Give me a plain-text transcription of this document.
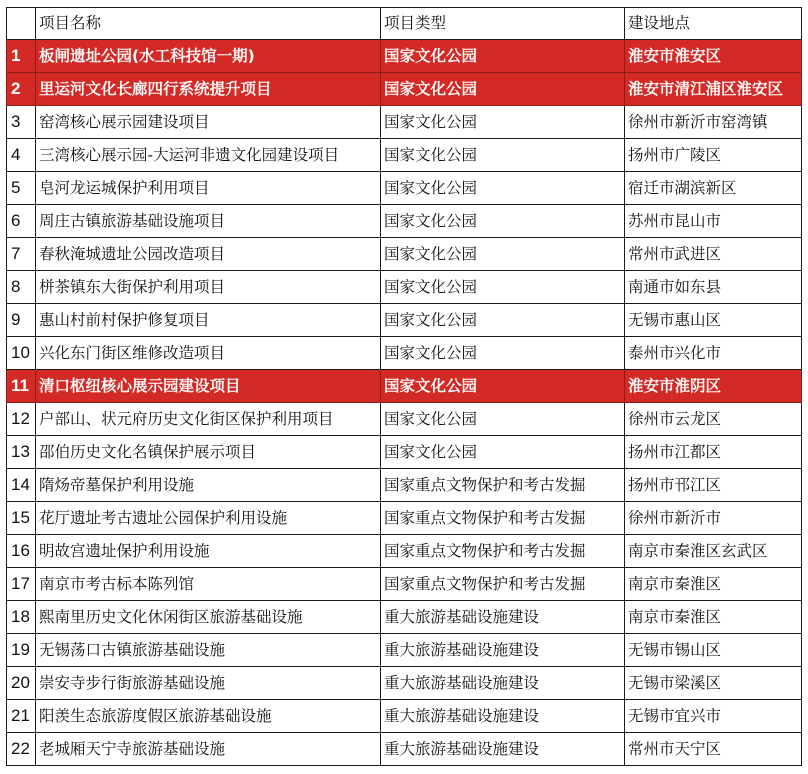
	项目名称	项目类型	建设地点
1	板闸遗址公园(水工科技馆一期)	国家文化公园	淮安市淮安区
2	里运河文化长廊四行系统提升项目	国家文化公园	淮安市清江浦区淮安区
3	窑湾核心展示园建设项目	国家文化公园	徐州市新沂市窑湾镇
4	三湾核心展示园-大运河非遗文化园建设项目	国家文化公园	扬州市广陵区
5	皂河龙运城保护利用项目	国家文化公园	宿迁市湖滨新区
6	周庄古镇旅游基础设施项目	国家文化公园	苏州市昆山市
7	春秋淹城遗址公园改造项目	国家文化公园	常州市武进区
8	栟茶镇东大街保护利用项目	国家文化公园	南通市如东县
9	惠山村前村保护修复项目	国家文化公园	无锡市惠山区
10	兴化东门街区维修改造项目	国家文化公园	泰州市兴化市
11	清口枢纽核心展示园建设项目	国家文化公园	淮安市淮阴区
12	户部山、状元府历史文化街区保护利用项目	国家文化公园	徐州市云龙区
13	邵伯历史文化名镇保护展示项目	国家文化公园	扬州市江都区
14	隋炀帝墓保护利用设施	国家重点文物保护和考古发掘	扬州市邗江区
15	花厅遗址考古遗址公园保护利用设施	国家重点文物保护和考古发掘	徐州市新沂市
16	明故宫遗址保护利用设施	国家重点文物保护和考古发掘	南京市秦淮区玄武区
17	南京市考古标本陈列馆	国家重点文物保护和考古发掘	南京市秦淮区
18	熙南里历史文化休闲街区旅游基础设施	重大旅游基础设施建设	南京市秦淮区
19	无锡荡口古镇旅游基础设施	重大旅游基础设施建设	无锡市锡山区
20	崇安寺步行街旅游基础设施	重大旅游基础设施建设	无锡市梁溪区
21	阳羡生态旅游度假区旅游基础设施	重大旅游基础设施建设	无锡市宜兴市
22	老城厢天宁寺旅游基础设施	重大旅游基础设施建设	常州市天宁区
